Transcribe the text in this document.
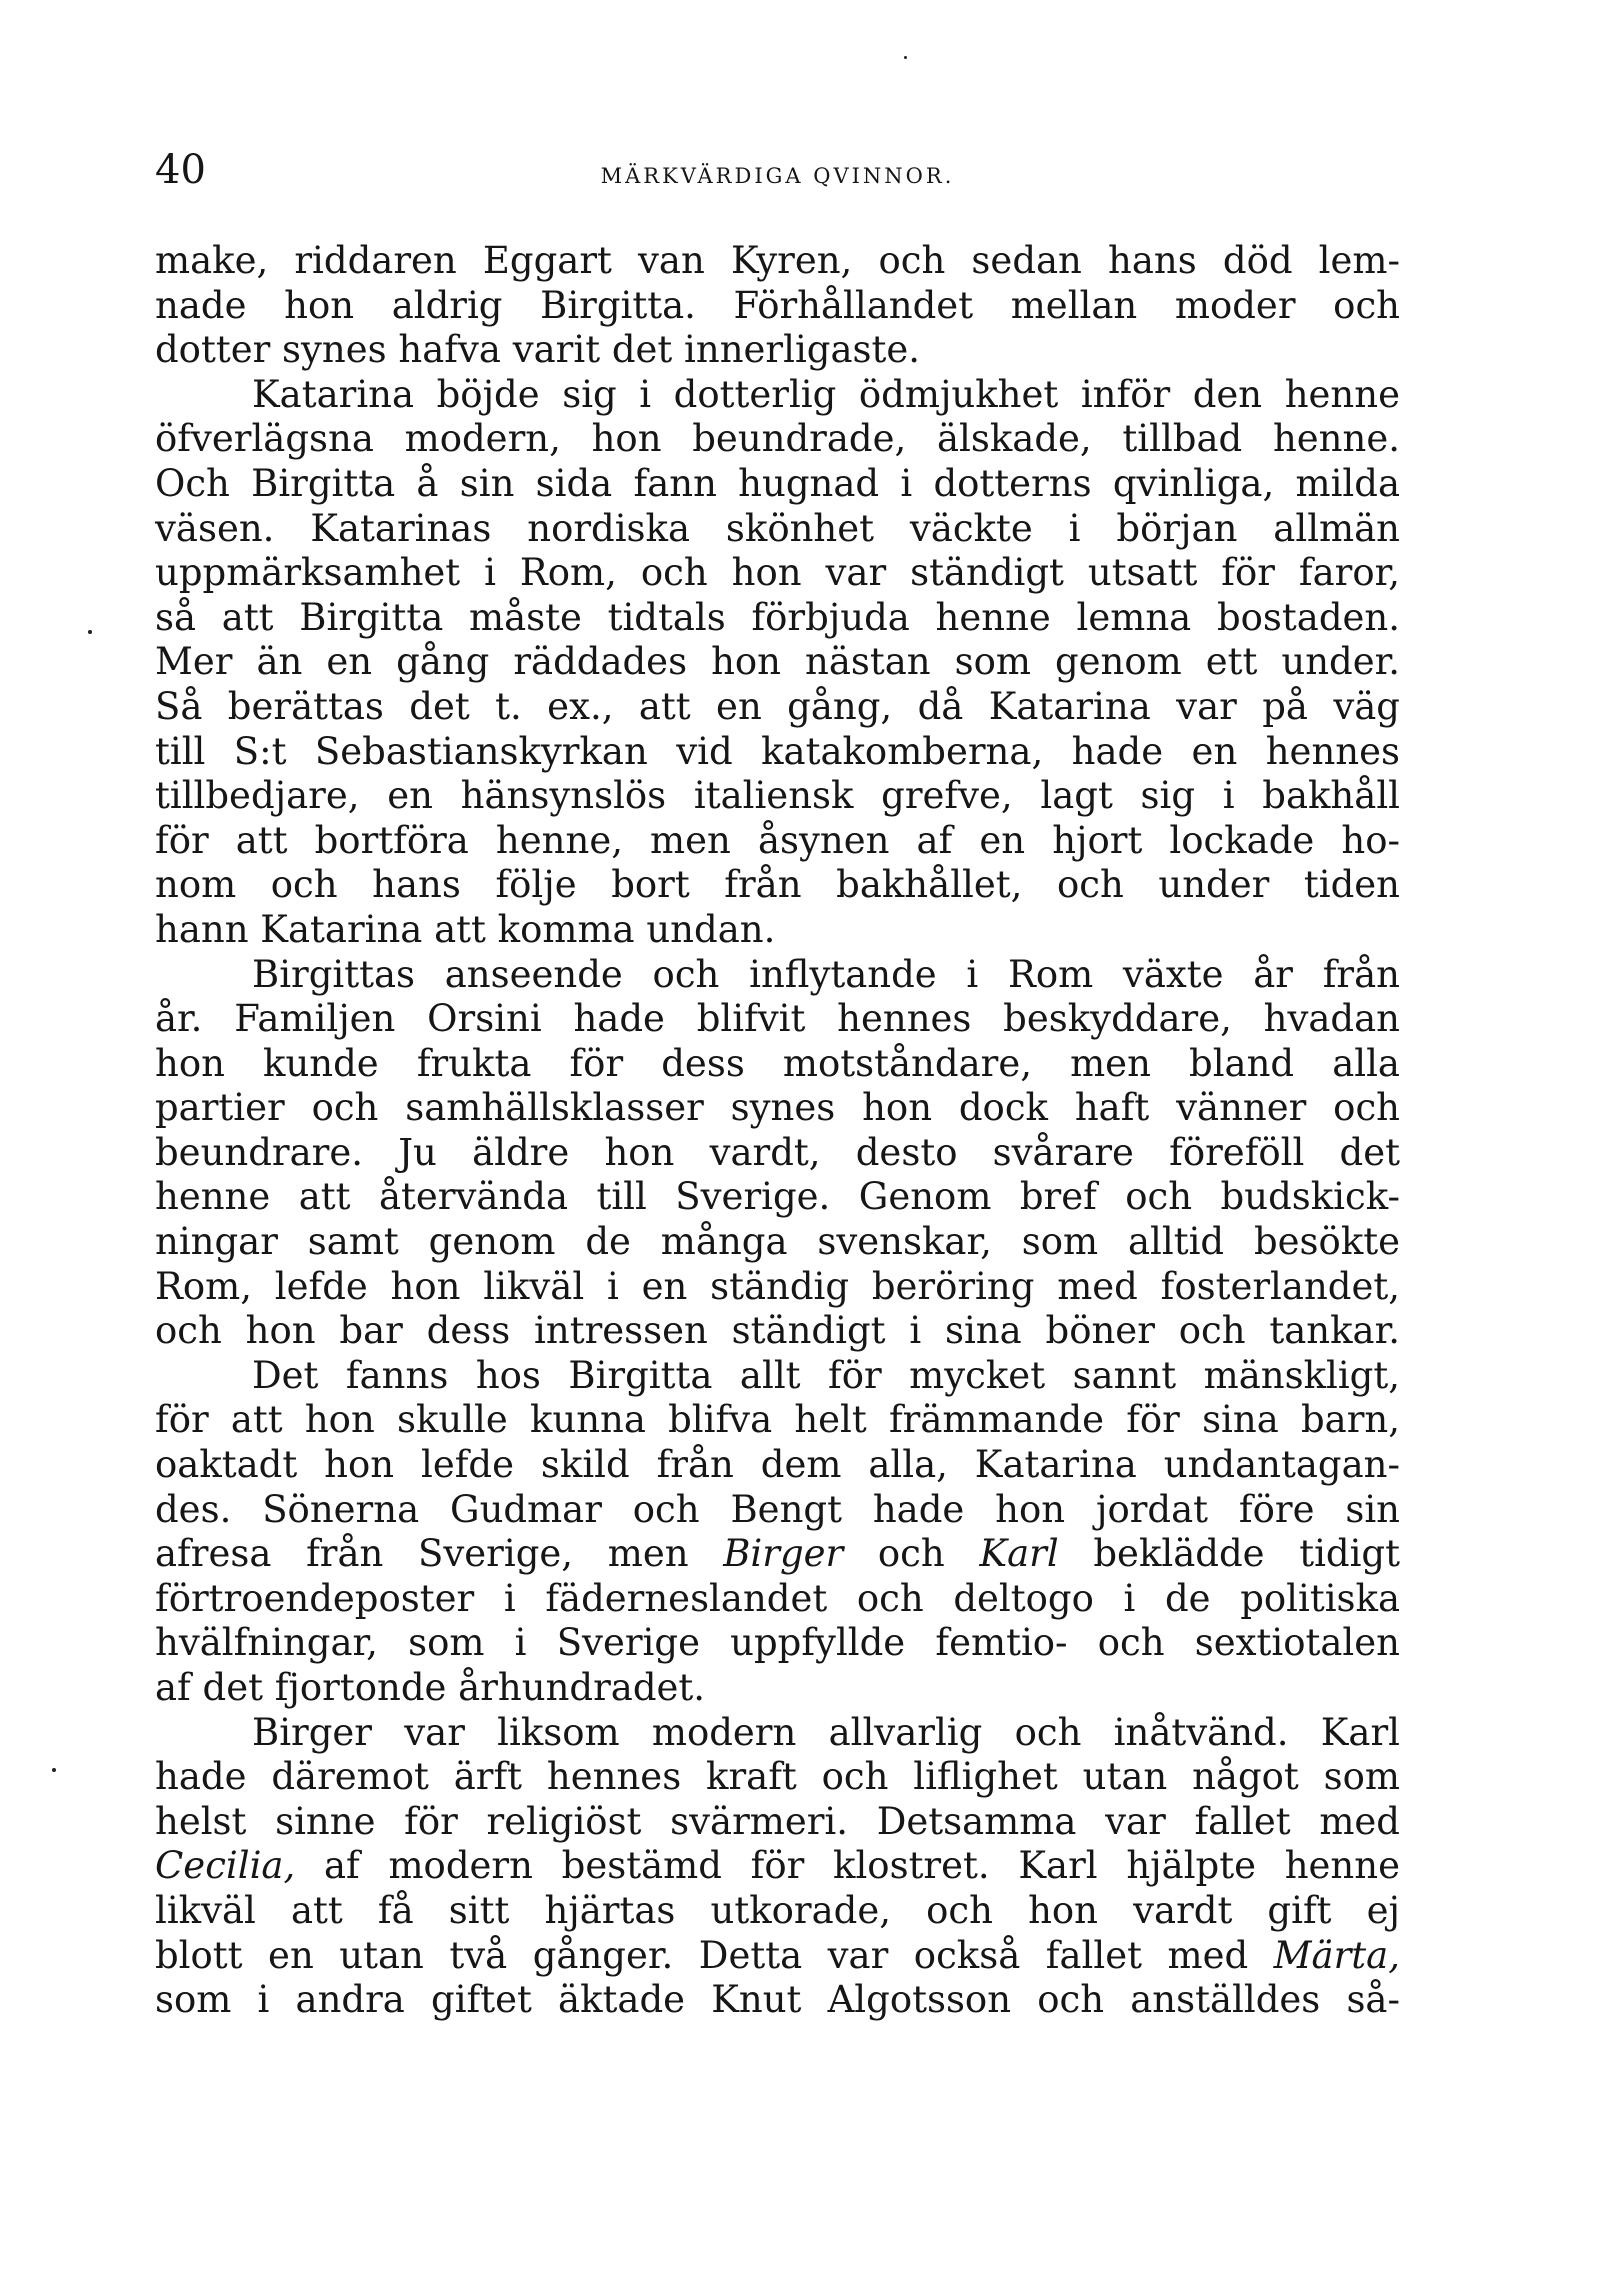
40	MÄRKVÄRDIGA QVINNOR.
make, riddaren Eggart van Kyren, och sedan hans död lem-
nade hon aldrig Birgitta. Förhållandet mellan moder och
dotter synes hafva varit det innerligaste.
Katarina böjde sig i dotterlig ödmjukhet inför den henne
öfverlägsna modern, hon beundrade, älskade, tillbad henne.
Och Birgitta å sin sida fann hugnad i dotterns qvinliga, milda
väsen. Katarinas nordiska skönhet väckte i början allmän
uppmärksamhet i Rom, och hon var ständigt utsatt för faror,
så att Birgitta måste tidtals förbjuda henne lemna bostaden.
Mer än en gång räddades hon nästan som genom ett under.
Så berättas det t. ex., att en gång, då Katarina var på väg
till S:t Sebastianskyrkan vid katakomberna, hade en hennes
tillbedjare, en hänsynslös italiensk grefve, lagt sig i bakhåll
för att bortföra henne, men åsynen af en hjort lockade ho-
nom och hans följe bort från bakhållet, och under tiden
hann Katarina att komma undan.
Birgittas anseende och inflytande i Rom växte år från
år. Familjen Orsini hade blifvit hennes beskyddare, hvadan
hon kunde frukta för dess motståndare, men bland alla
partier och samhällsklasser synes hon dock haft vänner och
beundrare. Ju äldre hon vardt, desto svårare föreföll det
henne att återvända till Sverige. Genom bref och budskick-
ningar samt genom de många svenskar, som alltid besökte
Rom, lefde hon likväl i en ständig beröring med fosterlandet,
och hon bar dess intressen ständigt i sina böner och tankar.
Det fanns hos Birgitta allt för mycket sannt mänskligt,
för att hon skulle kunna blifva helt främmande för sina barn,
oaktadt hon lefde skild från dem alla, Katarina undantagan-
des. Sönerna Gudmar och Bengt hade hon jordat före sin
afresa från Sverige, men Birger och Karl beklädde tidigt
förtroendeposter i fäderneslandet och deltogo i de politiska
hvälfningar, som i Sverige uppfyllde femtio- och sextiotalen
af det fjortonde århundradet.
Birger var liksom modern allvarlig och inåtvänd. Karl
hade däremot ärft hennes kraft och liflighet utan något som
helst sinne för religiöst svärmeri. Detsamma var fallet med
Cecilia, af modern bestämd för klostret. Karl hjälpte henne
likväl att få sitt hjärtas utkorade, och hon vardt gift ej
blott en utan två gånger. Detta var också fallet med Märta,
som i andra giftet äktade Knut Algotsson och anställdes så-
